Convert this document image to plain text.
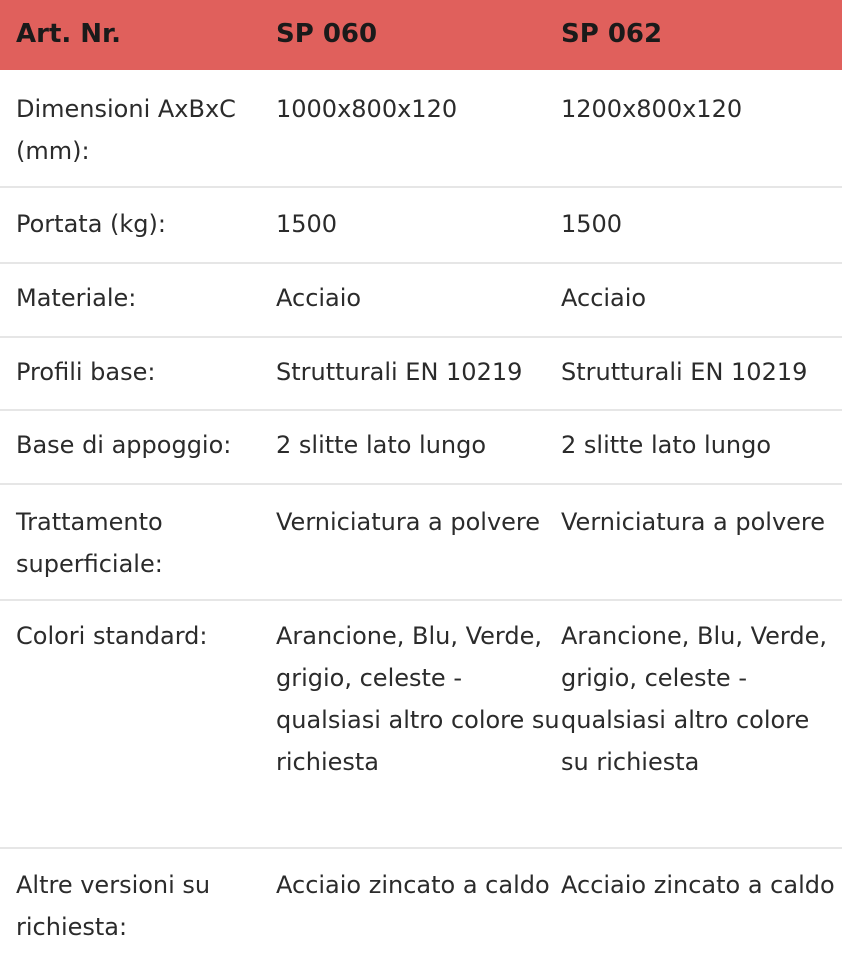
Art. Nr.	SP 060	SP 062

Dimensioni AxBxC (mm):	1000x800x120	1200x800x120

Portata (kg):	1500	1500

Materiale:	Acciaio	Acciaio

Profili base:	Strutturali EN 10219	Strutturali EN 10219

Base di appoggio:	2 slitte lato lungo	2 slitte lato lungo

Trattamento superficiale:	Verniciatura a polvere	Verniciatura a polvere

Colori standard:	Arancione, Blu, Verde, grigio, celeste - qualsiasi altro colore su richiesta	Arancione, Blu, Verde, grigio, celeste - qualsiasi altro colore su richiesta

Altre versioni su richiesta:	Acciaio zincato a caldo	Acciaio zincato a caldo
